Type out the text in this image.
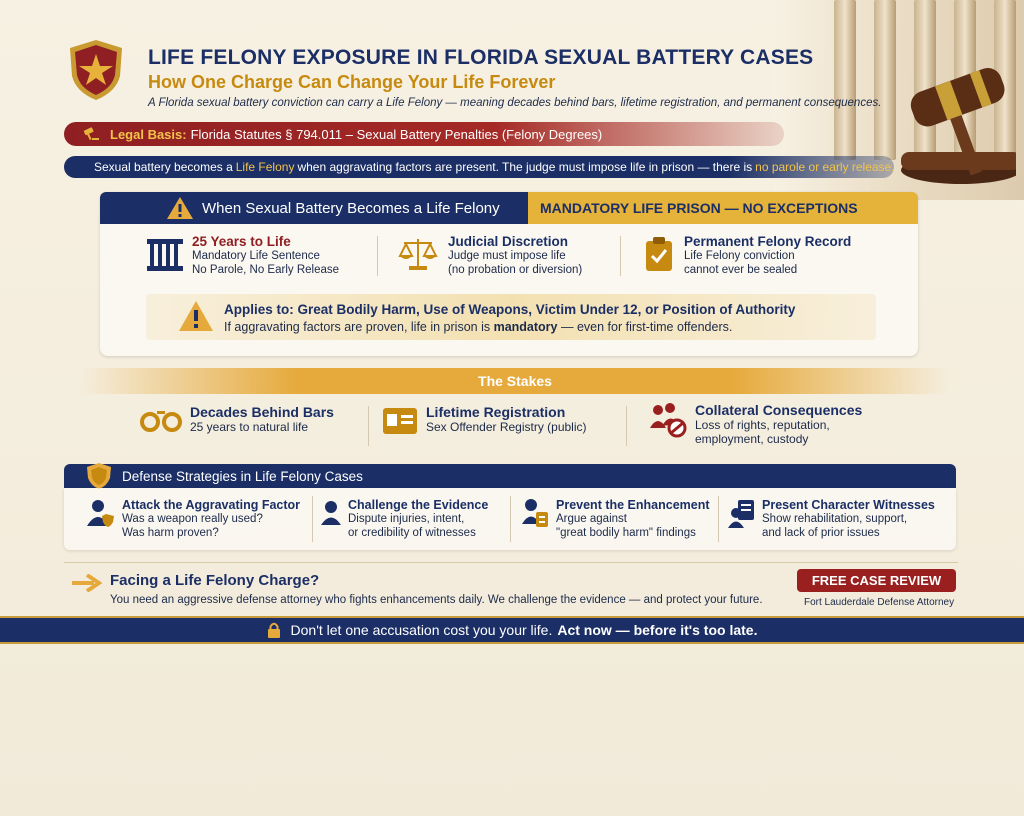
LIFE FELONY EXPOSURE IN FLORIDA SEXUAL BATTERY CASES
How One Charge Can Change Your Life Forever
A Florida sexual battery conviction can carry a Life Felony — meaning decades behind bars, lifetime registration, and permanent consequences.
Legal Basis: Florida Statutes § 794.011 – Sexual Battery Penalties (Felony Degrees)
Sexual battery becomes a Life Felony when aggravating factors are present. The judge must impose life in prison — there is no parole or early release.
When Sexual Battery Becomes a Life Felony	MANDATORY LIFE PRISON — NO EXCEPTIONS
25 Years to Life
Mandatory Life Sentence
No Parole, No Early Release
Judicial Discretion
Judge must impose life
(no probation or diversion)
Permanent Felony Record
Life Felony conviction
cannot ever be sealed
Applies to: Great Bodily Harm, Use of Weapons, Victim Under 12, or Position of Authority
If aggravating factors are proven, life in prison is mandatory — even for first-time offenders.
The Stakes
Decades Behind Bars
25 years to natural life
Lifetime Registration
Sex Offender Registry (public)
Collateral Consequences
Loss of rights, reputation,
employment, custody
Defense Strategies in Life Felony Cases
Attack the Aggravating Factor
Was a weapon really used?
Was harm proven?
Challenge the Evidence
Dispute injuries, intent,
or credibility of witnesses
Prevent the Enhancement
Argue against
"great bodily harm" findings
Present Character Witnesses
Show rehabilitation, support,
and lack of prior issues
Facing a Life Felony Charge?
You need an aggressive defense attorney who fights enhancements daily. We challenge the evidence — and protect your future.
FREE CASE REVIEW
Fort Lauderdale Defense Attorney
Don't let one accusation cost you your life. Act now — before it's too late.
